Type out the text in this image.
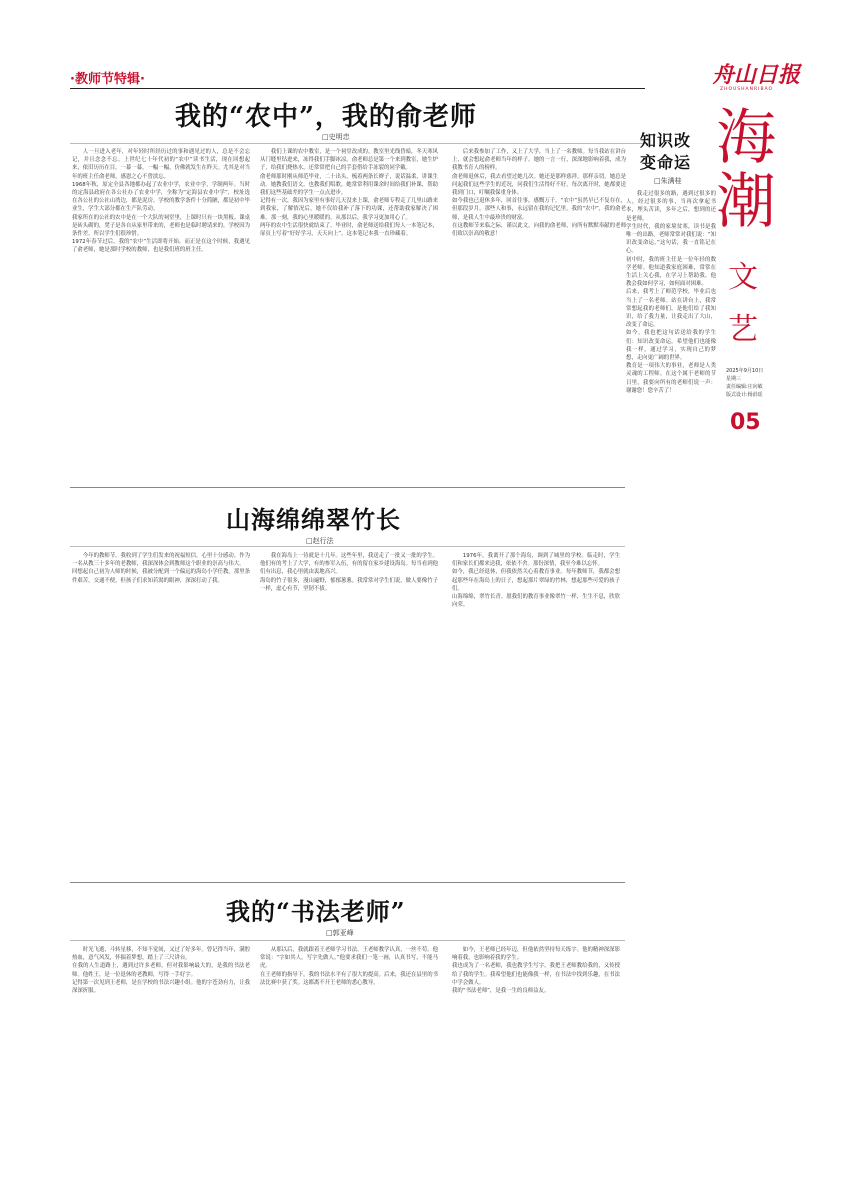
·教师节特辑·	舟山日报
ZHOUSHANRIBAO
海潮
文艺
2025年9月10日
星期三
责任编辑:庄向敏
版式设计:杨涓瑶
05
我的“农中”，我的俞老师
□史明忠

人一旦进入老年，对年轻时所经历过的事和遇见过的人，总是不会忘记，并且念念不忘。上世纪七十年代初的“农中”读书生活，现在回想起来，依旧历历在目。一幕一幕，一幅一幅，仿佛就发生在昨天。尤其是对当年的班主任俞老师，感恩之心不曾淡忘。
1968年秋，原定全县各地都办起了农业中学，农业中学，学制两年。当时的定海县政府在各公社办了农业中学，全称为“定海县农业中学”，校址选在各公社的公社山湾边，都是泥房。学校的教学条件十分简陋，都是初中毕业生，学生大部分都在生产队劳动。
我家所在的公社的农中是在一个大队的祠堂里，上课时只有一块黑板。课桌是砖头砌的，凳子是各自从家里带来的，老师也是临时聘请来的。学校因为条件差，所以学生们很珍惜。
1972年春节过后，我的“农中”生活即将开始。而正是在这个时候，我遇见了俞老师，她是那时学校的教师，也是我们班的班主任。

我们上课的农中教室，是一个祠堂改成的。教室里光线昏暗，冬天寒风从门缝里钻进来，冻得我们手脚冰凉。俞老师总是第一个来到教室，她生炉子，给我们烧热水，还常常把自己的手套借给手冻裂的同学戴。
俞老师那时刚从师范毕业，二十出头，梳着两条长辫子，说话温柔，讲课生动。她教我们语文，也教我们唱歌。她常常利用课余时间给我们补课，帮助我们这些基础差的学生一点点进步。
记得有一次，我因为家里有事好几天没来上课，俞老师专程走了几里山路来到我家，了解情况后，她不仅给我补了落下的功课，还帮助我家解决了困难。那一刻，我的心里暖暖的。从那以后，我学习更加用心了。
两年的农中生活很快就结束了。毕业时，俞老师送给我们每人一本笔记本，扉页上写着“好好学习，天天向上”。这本笔记本我一直珍藏着。

后来我参加了工作，又上了大学，当上了一名教师。每当我站在讲台上，就会想起俞老师当年的样子。她的一言一行，深深地影响着我，成为我教书育人的榜样。
俞老师退休后，我去看望过她几次。她还是那样慈祥，那样亲切。她总是问起我们这些学生的近况，问我们生活得好不好。每次离开时，她都要送我到门口，叮嘱我保重身体。
如今我也已退休多年，回首往事，感慨万千。“农中”虽然早已不复存在，但那段岁月，那些人和事，永远留在我的记忆里。我的“农中”，我的俞老师，是我人生中最珍贵的财富。
在这教师节来临之际，谨以此文，向我的俞老师，向所有默默奉献的老师们致以崇高的敬意！

知识改变命运
□朱满桂

我走过很多的路，遇到过很多的人，经过很多的事，当再次拿起书本，埋头苦读，多年之后，想到的还是老师。
学生时代，我的家境贫寒，读书是我唯一的出路。老师常常对我们说：“知识改变命运。”这句话，我一直铭记在心。
初中时，我的班主任是一位年轻的数学老师。他知道我家庭困难，常常在生活上关心我，在学习上帮助我。他教会我如何学习，如何面对困难。
后来，我考上了师范学校，毕业后也当上了一名老师。站在讲台上，我常常想起我的老师们，是他们给了我知识，给了我力量，让我走出了大山，改变了命运。
如今，我也把这句话送给我的学生们：知识改变命运。希望他们也能像我一样，通过学习，实现自己的梦想，走向更广阔的世界。
教育是一项伟大的事业，老师是人类灵魂的工程师。在这个属于老师的节日里，我要向所有的老师们说一声：谢谢您！您辛苦了！

山海绵绵翠竹长
□赵行法

今年的教师节，我收到了学生们发来的祝福短信，心里十分感动。作为一名从教三十多年的老教师，我深深体会到教师这个职业的崇高与伟大。
回想起自己初为人师的时候，我被分配到一个偏远的海岛小学任教。那里条件艰苦，交通不便，但孩子们求知若渴的眼神，深深打动了我。

我在海岛上一待就是十几年。这些年里，我送走了一批又一批的学生。他们有的考上了大学，有的参军入伍，有的留在家乡建设海岛。每当看到他们有出息，我心里就由衷地高兴。
海岛的竹子很多，漫山遍野，郁郁葱葱。我常常对学生们说，做人要像竹子一样，虚心有节，坚韧不拔。

1976年，我离开了那个海岛，调到了城里的学校。临走时，学生们和家长们都来送我，依依不舍。那份深情，我至今难以忘怀。
如今，我已经退休，但我依然关心着教育事业。每年教师节，我都会想起那些年在海岛上的日子，想起那片翠绿的竹林，想起那些可爱的孩子们。
山海绵绵，翠竹长青。愿我们的教育事业像翠竹一样，生生不息，欣欣向荣。

我的“书法老师”
□郭亚峰

时光飞逝，斗转星移，不知不觉间，又过了好多年。曾记得当年，满腔热血，意气风发，怀揣着梦想，踏上了三尺讲台。
在我的人生道路上，遇到过许多老师，但对我影响最大的，是我的书法老师。他姓王，是一位退休的老教师，写得一手好字。
记得第一次见到王老师，是在学校的书法兴趣小组。他的字苍劲有力，让我深深折服。

从那以后，我就跟着王老师学习书法。王老师教学认真，一丝不苟。他常说：“字如其人，写字先做人。”他要求我们一笔一画，认真书写，不能马虎。
在王老师的指导下，我的书法水平有了很大的提高。后来，我还在县里的书法比赛中获了奖。这都离不开王老师的悉心教导。

如今，王老师已经年迈，但他依然坚持每天练字。他的精神深深影响着我，也影响着我的学生。
我也成为了一名老师，我也教学生写字。我把王老师教给我的，又传授给了我的学生。我希望他们也能像我一样，在书法中找到乐趣，在书法中学会做人。
我的“书法老师”，是我一生的良师益友。
